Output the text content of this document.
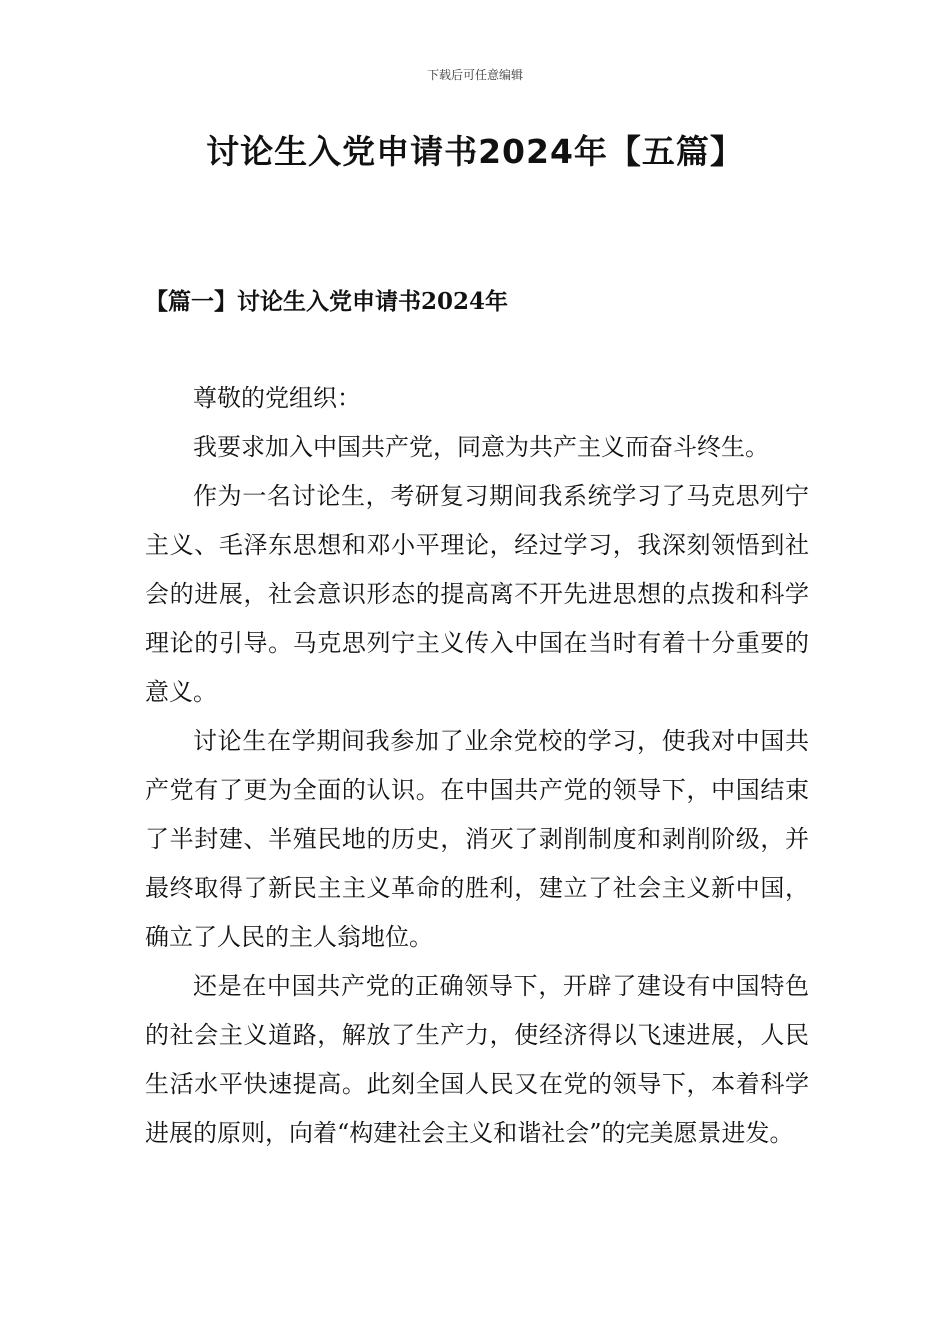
下载后可任意编辑
讨论生入党申请书2024年【五篇】
【篇一】讨论生入党申请书2024年

尊敬的党组织：

我要求加入中国共产党，同意为共产主义而奋斗终生。

作为一名讨论生，考研复习期间我系统学习了马克思列宁主义、毛泽东思想和邓小平理论，经过学习，我深刻领悟到社会的进展，社会意识形态的提高离不开先进思想的点拨和科学理论的引导。马克思列宁主义传入中国在当时有着十分重要的意义。

讨论生在学期间我参加了业余党校的学习，使我对中国共产党有了更为全面的认识。在中国共产党的领导下，中国结束了半封建、半殖民地的历史，消灭了剥削制度和剥削阶级，并最终取得了新民主主义革命的胜利，建立了社会主义新中国，确立了人民的主人翁地位。

还是在中国共产党的正确领导下，开辟了建设有中国特色的社会主义道路，解放了生产力，使经济得以飞速进展，人民生活水平快速提高。此刻全国人民又在党的领导下，本着科学进展的原则，向着“构建社会主义和谐社会”的完美愿景进发。
